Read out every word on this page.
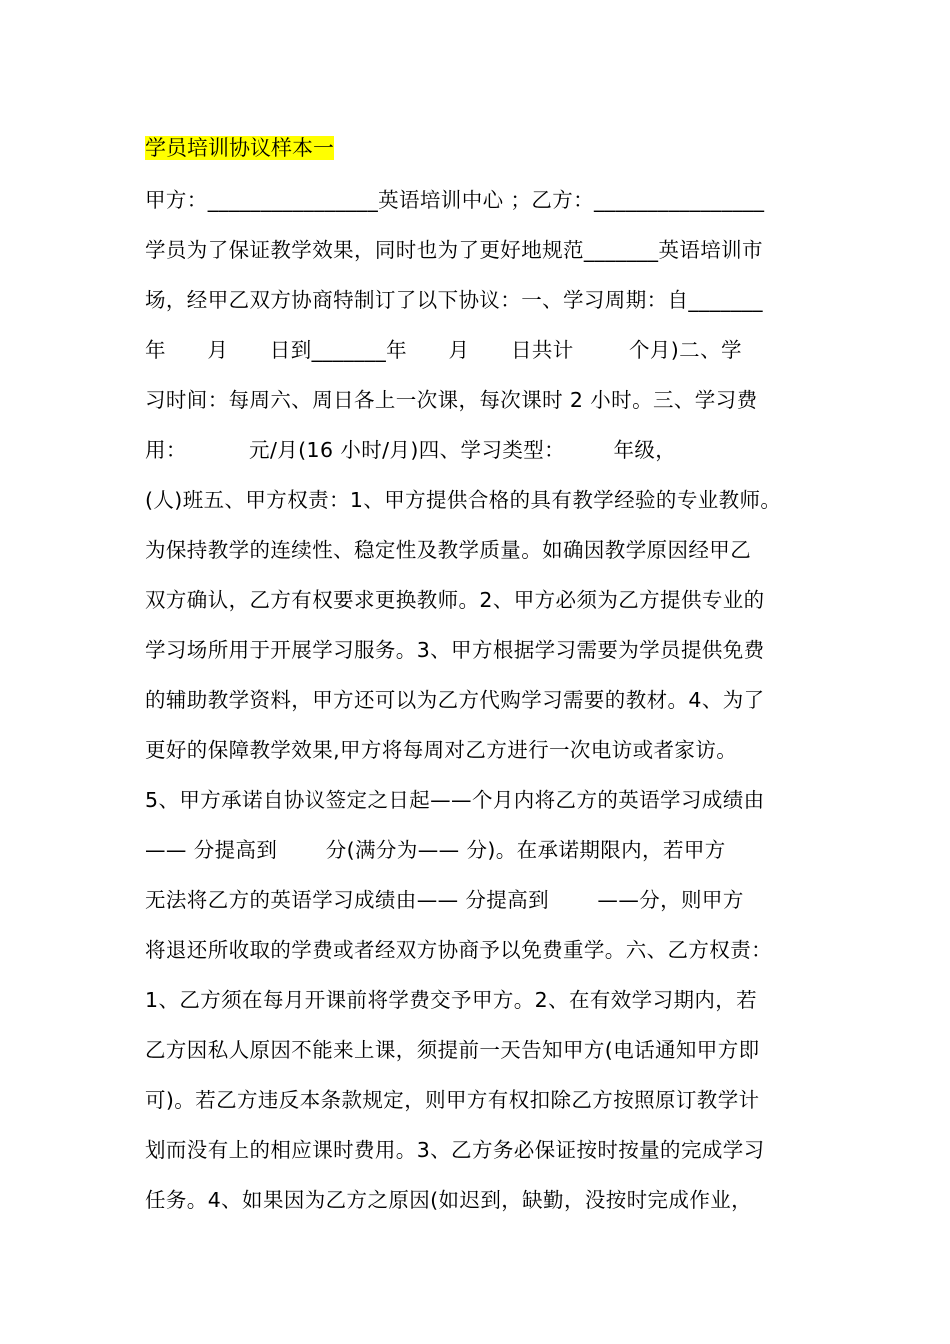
学员培训协议样本一
甲方：________________英语培训中心 ；乙方：________________
学员为了保证教学效果，同时也为了更好地规范_______英语培训市
场，经甲乙双方协商特制订了以下协议：一、学习周期：自_______
年      月      日到_______年      月      日共计        个月)二、学
习时间：每周六、周日各上一次课，每次课时 2 小时。三、学习费
用：         元/月(16 小时/月)四、学习类型：       年级，
(人)班五、甲方权责：1、甲方提供合格的具有教学经验的专业教师。
为保持教学的连续性、稳定性及教学质量。如确因教学原因经甲乙
双方确认，乙方有权要求更换教师。2、甲方必须为乙方提供专业的
学习场所用于开展学习服务。3、甲方根据学习需要为学员提供免费
的辅助教学资料，甲方还可以为乙方代购学习需要的教材。4、为了
更好的保障教学效果,甲方将每周对乙方进行一次电访或者家访。
5、甲方承诺自协议签定之日起——个月内将乙方的英语学习成绩由
—— 分提高到       分(满分为—— 分)。在承诺期限内，若甲方
无法将乙方的英语学习成绩由—— 分提高到       ——分，则甲方
将退还所收取的学费或者经双方协商予以免费重学。六、乙方权责：
1、乙方须在每月开课前将学费交予甲方。2、在有效学习期内，若
乙方因私人原因不能来上课，须提前一天告知甲方(电话通知甲方即
可)。若乙方违反本条款规定，则甲方有权扣除乙方按照原订教学计
划而没有上的相应课时费用。3、乙方务必保证按时按量的完成学习
任务。4、如果因为乙方之原因(如迟到，缺勤，没按时完成作业，
